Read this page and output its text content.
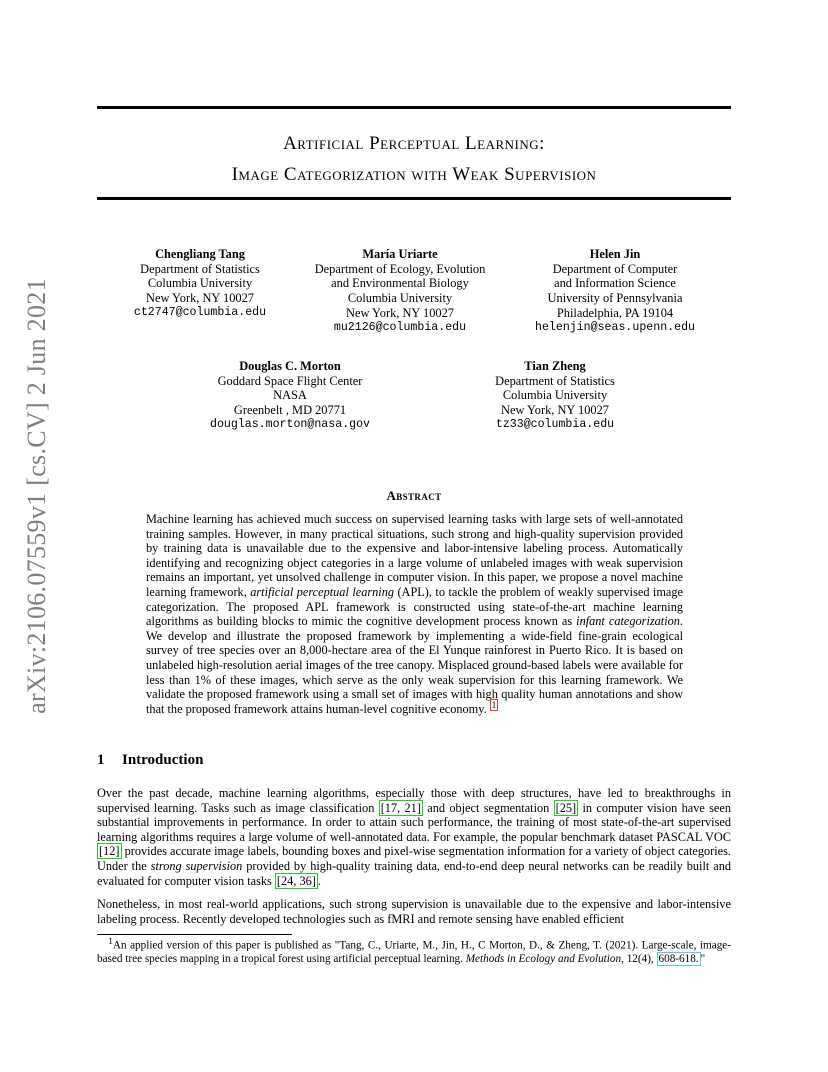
Artificial Perceptual Learning:
Image Categorization with Weak Supervision
arXiv:2106.07559v1 [cs.CV] 2 Jun 2021
Chengliang Tang
Department of Statistics
Columbia University
New York, NY 10027
ct2747@columbia.edu
María Uriarte
Department of Ecology, Evolution
and Environmental Biology
Columbia University
New York, NY 10027
mu2126@columbia.edu
Helen Jin
Department of Computer
and Information Science
University of Pennsylvania
Philadelphia, PA 19104
helenjin@seas.upenn.edu
Douglas C. Morton
Goddard Space Flight Center
NASA
Greenbelt , MD 20771
douglas.morton@nasa.gov
Tian Zheng
Department of Statistics
Columbia University
New York, NY 10027
tz33@columbia.edu
Abstract
Machine learning has achieved much success on supervised learning tasks with large sets of well-annotated training samples. However, in many practical situations, such strong and high-quality supervision provided by training data is unavailable due to the expensive and labor-intensive labeling process. Automatically identifying and recognizing object categories in a large volume of unlabeled images with weak supervision remains an important, yet unsolved challenge in computer vision. In this paper, we propose a novel machine learning framework, artificial perceptual learning (APL), to tackle the problem of weakly supervised image categorization. The proposed APL framework is constructed using state-of-the-art machine learning algorithms as building blocks to mimic the cognitive development process known as infant categorization. We develop and illustrate the proposed framework by implementing a wide-field fine-grain ecological survey of tree species over an 8,000-hectare area of the El Yunque rainforest in Puerto Rico. It is based on unlabeled high-resolution aerial images of the tree canopy. Misplaced ground-based labels were available for less than 1% of these images, which serve as the only weak supervision for this learning framework. We validate the proposed framework using a small set of images with high quality human annotations and show that the proposed framework attains human-level cognitive economy. $^1$
1 Introduction
Over the past decade, machine learning algorithms, especially those with deep structures, have led to breakthroughs in supervised learning. Tasks such as image classification [17, 21] and object segmentation [25] in computer vision have seen substantial improvements in performance. In order to attain such performance, the training of most state-of-the-art supervised learning algorithms requires a large volume of well-annotated data. For example, the popular benchmark dataset PASCAL VOC [12] provides accurate image labels, bounding boxes and pixel-wise segmentation information for a variety of object categories. Under the strong supervision provided by high-quality training data, end-to-end deep neural networks can be readily built and evaluated for computer vision tasks [24, 36] .
Nonetheless, in most real-world applications, such strong supervision is unavailable due to the expensive and labor-intensive labeling process. Recently developed technologies such as fMRI and remote sensing have enabled efficient
 $^1$An applied version of this paper is published as "Tang, C., Uriarte, M., Jin, H., C Morton, D., & Zheng, T. (2021). Large-scale, image-based tree species mapping in a tropical forest using artificial perceptual learning. Methods in Ecology and Evolution, 12(4), 608-618. "
